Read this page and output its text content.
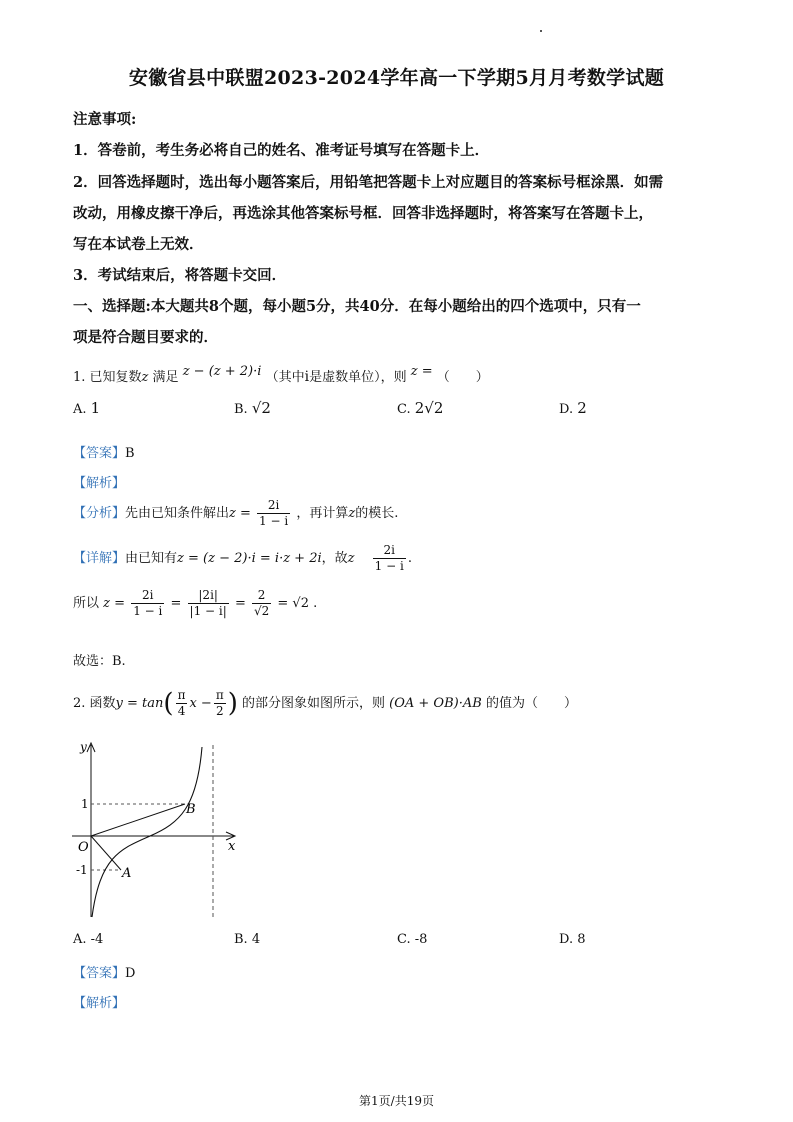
安徽省县中联盟2023-2024学年高一下学期5月月考数学试题
注意事项:
1．答卷前，考生务必将自己的姓名、准考证号填写在答题卡上．
2．回答选择题时，选出每小题答案后，用铅笔把答题卡上对应题目的答案标号框涂黑．如需
改动，用橡皮擦干净后，再选涂其他答案标号框．回答非选择题时，将答案写在答题卡上，
写在本试卷上无效．
3．考试结束后，将答题卡交回．
一、选择题:本大题共8个题，每小题5分，共40分．在每小题给出的四个选项中，只有一
项是符合题目要求的．
1. 已知复数z 满足 z − (z + 2)·i （其中i是虚数单位），则 z = （　　）
A. 1	B. √2	C. 2√2	D. 2
【答案】B
【解析】
【分析】先由已知条件解出$z = \frac{2i}{1 - i}$ ，再计算z的模长.
【详解】由已知有z = (z − 2)·i = i·z + 2i，故z $\frac{2i}{1 - i}$ .
所以 $z = \frac{2i}{1 - i} = \frac{|2i|}{|1 - i|} = \frac{2}{√2} = √2$ .
故选：B.
2. 函数$y = \tan( \frac{\pi}{4}$ $x - \frac{\pi}{2}$ ) 的部分图象如图所示，则 (OA + OB)·AB 的值为（　　）
y
x
O
1
-1	A
B
A. -4	B. 4	C. -8	D. 8
【答案】D
【解析】
第1页/共19页
